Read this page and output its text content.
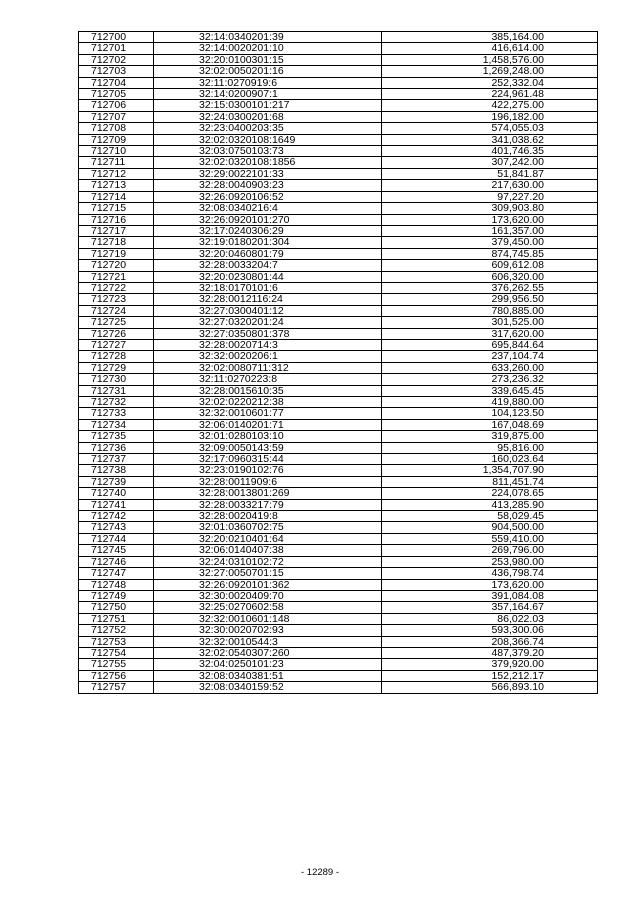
712700	32:14:0340201:39	385,164.00
712701	32:14:0020201:10	416,614.00
712702	32:20:0100301:15	1,458,576.00
712703	32:02:0050201:16	1,269,248.00
712704	32:11:0270919:6	252,332.04
712705	32:14:0200907:1	224,961.48
712706	32:15:0300101:217	422,275.00
712707	32:24:0300201:68	196,182.00
712708	32:23:0400203:35	574,055.03
712709	32:02:0320108:1649	341,038.62
712710	32:03:0750103:73	401,746.35
712711	32:02:0320108:1856	307,242.00
712712	32:29:0022101:33	51,841.87
712713	32:28:0040903:23	217,630.00
712714	32:26:0920106:52	97,227.20
712715	32:08:0340216:4	309,903.80
712716	32:26:0920101:270	173,620.00
712717	32:17:0240306:29	161,357.00
712718	32:19:0180201:304	379,450.00
712719	32:20:0460801:79	874,745.85
712720	32:28:0033204:7	609,612.08
712721	32:20:0230801:44	606,320.00
712722	32:18:0170101:6	376,262.55
712723	32:28:0012116:24	299,956.50
712724	32:27:0300401:12	780,885.00
712725	32:27:0320201:24	301,525.00
712726	32:27:0350801:378	317,620.00
712727	32:28:0020714:3	695,844.64
712728	32:32:0020206:1	237,104.74
712729	32:02:0080711:312	633,260.00
712730	32:11:0270223:8	273,236.32
712731	32:28:0015610:35	339,645.45
712732	32:02:0220212:38	419,880.00
712733	32:32:0010601:77	104,123.50
712734	32:06:0140201:71	167,048.69
712735	32:01:0280103:10	319,875.00
712736	32:09:0050143:59	95,816.00
712737	32:17:0960315:44	160,023.64
712738	32:23:0190102:76	1,354,707.90
712739	32:28:0011909:6	811,451.74
712740	32:28:0013801:269	224,078.65
712741	32:28:0033217:79	413,285.90
712742	32:28:0020419:8	58,029.45
712743	32:01:0360702:75	904,500.00
712744	32:20:0210401:64	559,410.00
712745	32:06:0140407:38	269,796.00
712746	32:24:0310102:72	253,980.00
712747	32:27:0050701:15	436,798.74
712748	32:26:0920101:362	173,620.00
712749	32:30:0020409:70	391,084.08
712750	32:25:0270602:58	357,164.67
712751	32:32:0010601:148	86,022.03
712752	32:30:0020702:93	593,300.06
712753	32:32:0010544:3	208,366.74
712754	32:02:0540307:260	487,379.20
712755	32:04:0250101:23	379,920.00
712756	32:08:0340381:51	152,212.17
712757	32:08:0340159:52	566,893.10
- 12289 -
